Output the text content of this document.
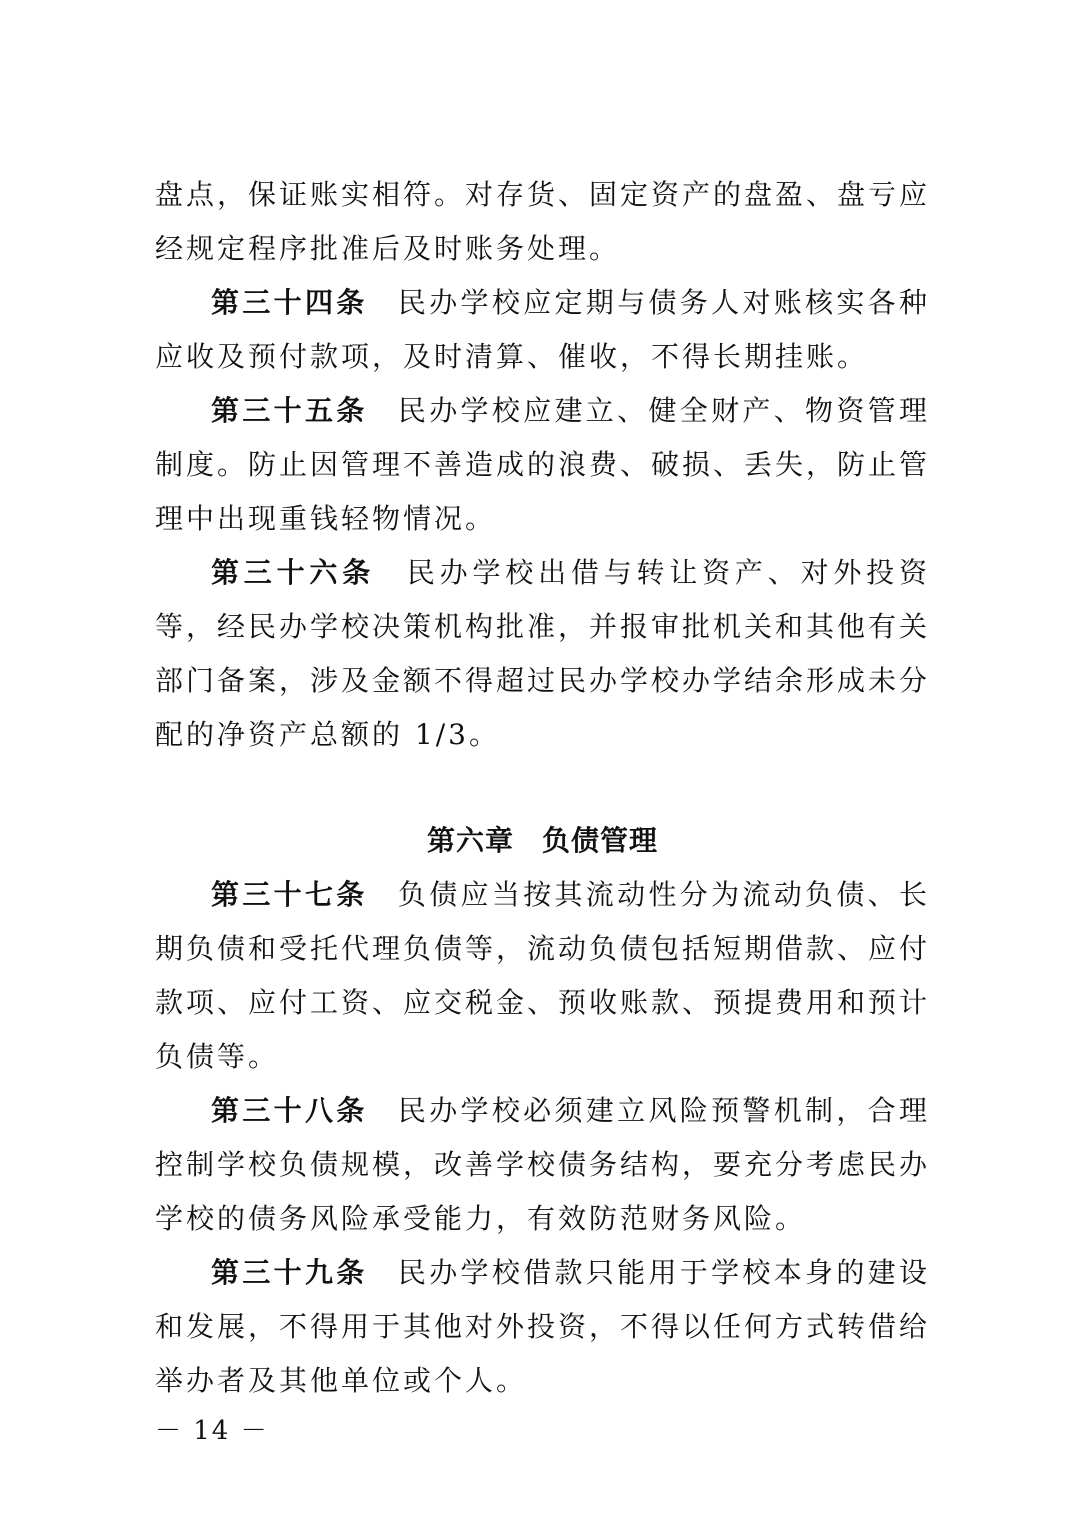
盘点，保证账实相符。对存货、固定资产的盘盈、盘亏应经规定程序批准后及时账务处理。

第三十四条 民办学校应定期与债务人对账核实各种应收及预付款项，及时清算、催收，不得长期挂账。

第三十五条 民办学校应建立、健全财产、物资管理制度。防止因管理不善造成的浪费、破损、丢失，防止管理中出现重钱轻物情况。

第三十六条 民办学校出借与转让资产、对外投资等，经民办学校决策机构批准，并报审批机关和其他有关部门备案，涉及金额不得超过民办学校办学结余形成未分配的净资产总额的 1/3。

第六章 负债管理

第三十七条 负债应当按其流动性分为流动负债、长期负债和受托代理负债等，流动负债包括短期借款、应付款项、应付工资、应交税金、预收账款、预提费用和预计负债等。

第三十八条 民办学校必须建立风险预警机制，合理控制学校负债规模，改善学校债务结构，要充分考虑民办学校的债务风险承受能力，有效防范财务风险。

第三十九条 民办学校借款只能用于学校本身的建设和发展，不得用于其他对外投资，不得以任何方式转借给举办者及其他单位或个人。

－ 14 －
